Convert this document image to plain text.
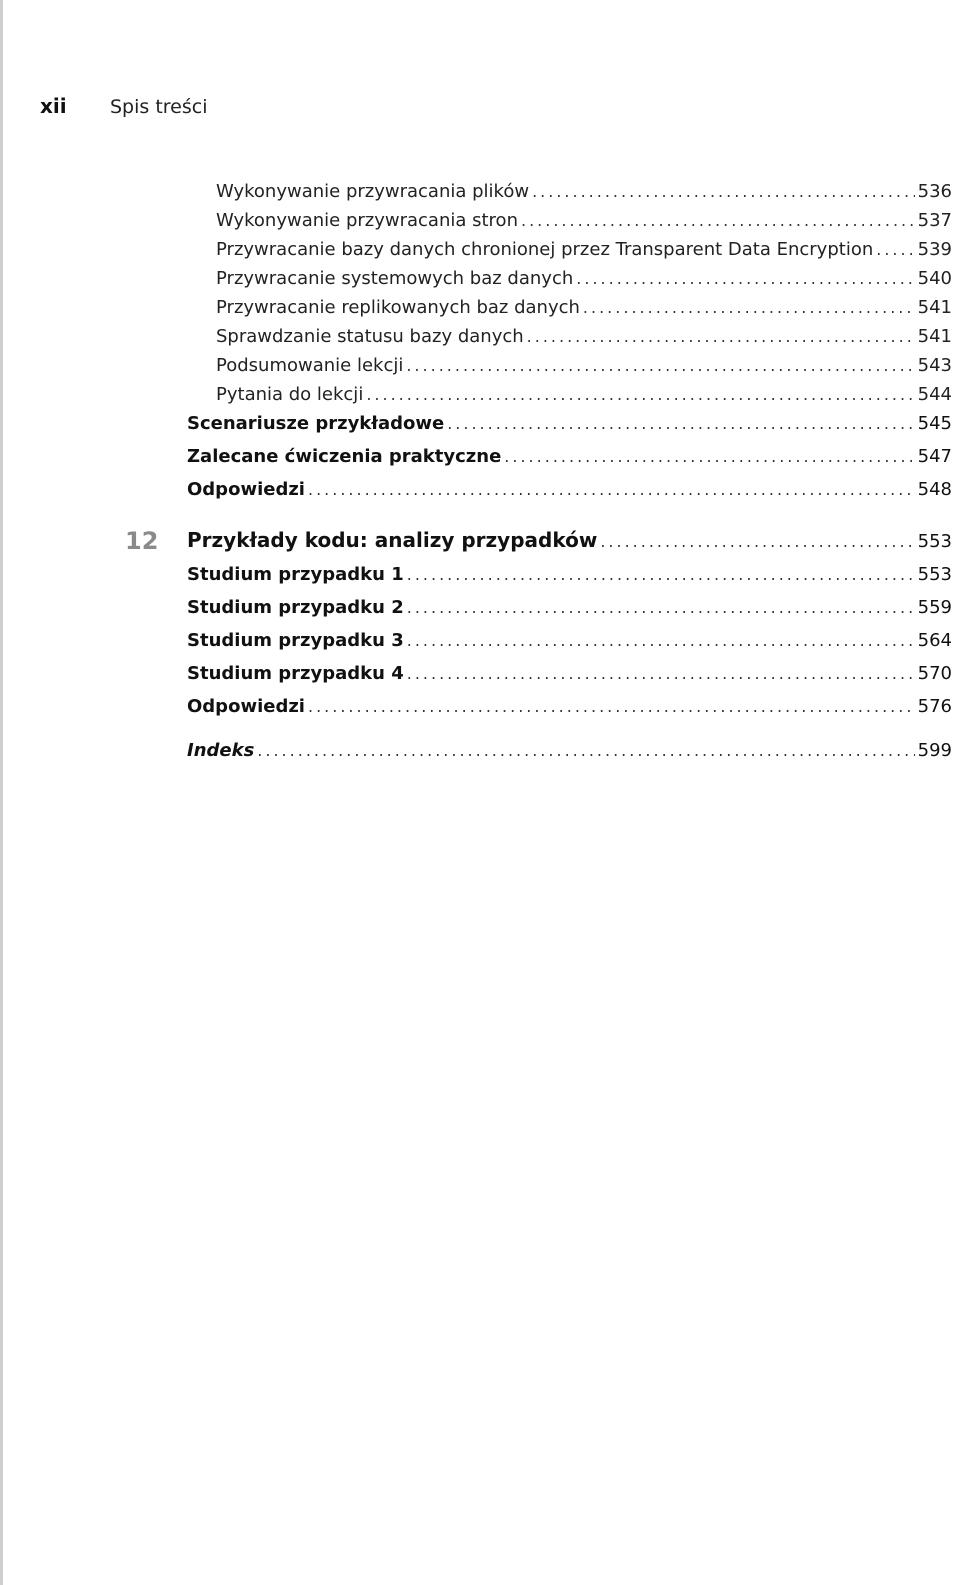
xii	Spis treści
Wykonywanie przywracania plików .....	536
Wykonywanie przywracania stron .....	537
Przywracanie bazy danych chronionej przez Transparent Data Encryption ..... 539
Przywracanie systemowych baz danych .....	540
Przywracanie replikowanych baz danych .....	541
Sprawdzanie statusu bazy danych .....	541
Podsumowanie lekcji .....	543
Pytania do lekcji .....	544
Scenariusze przykładowe .....	545
Zalecane ćwiczenia praktyczne .....	547
Odpowiedzi .....	548
12 Przykłady kodu: analizy przypadków .....	553
Studium przypadku 1 .....	553
Studium przypadku 2 .....	559
Studium przypadku 3 .....	564
Studium przypadku 4 .....	570
Odpowiedzi .....	576
Indeks .....	599
